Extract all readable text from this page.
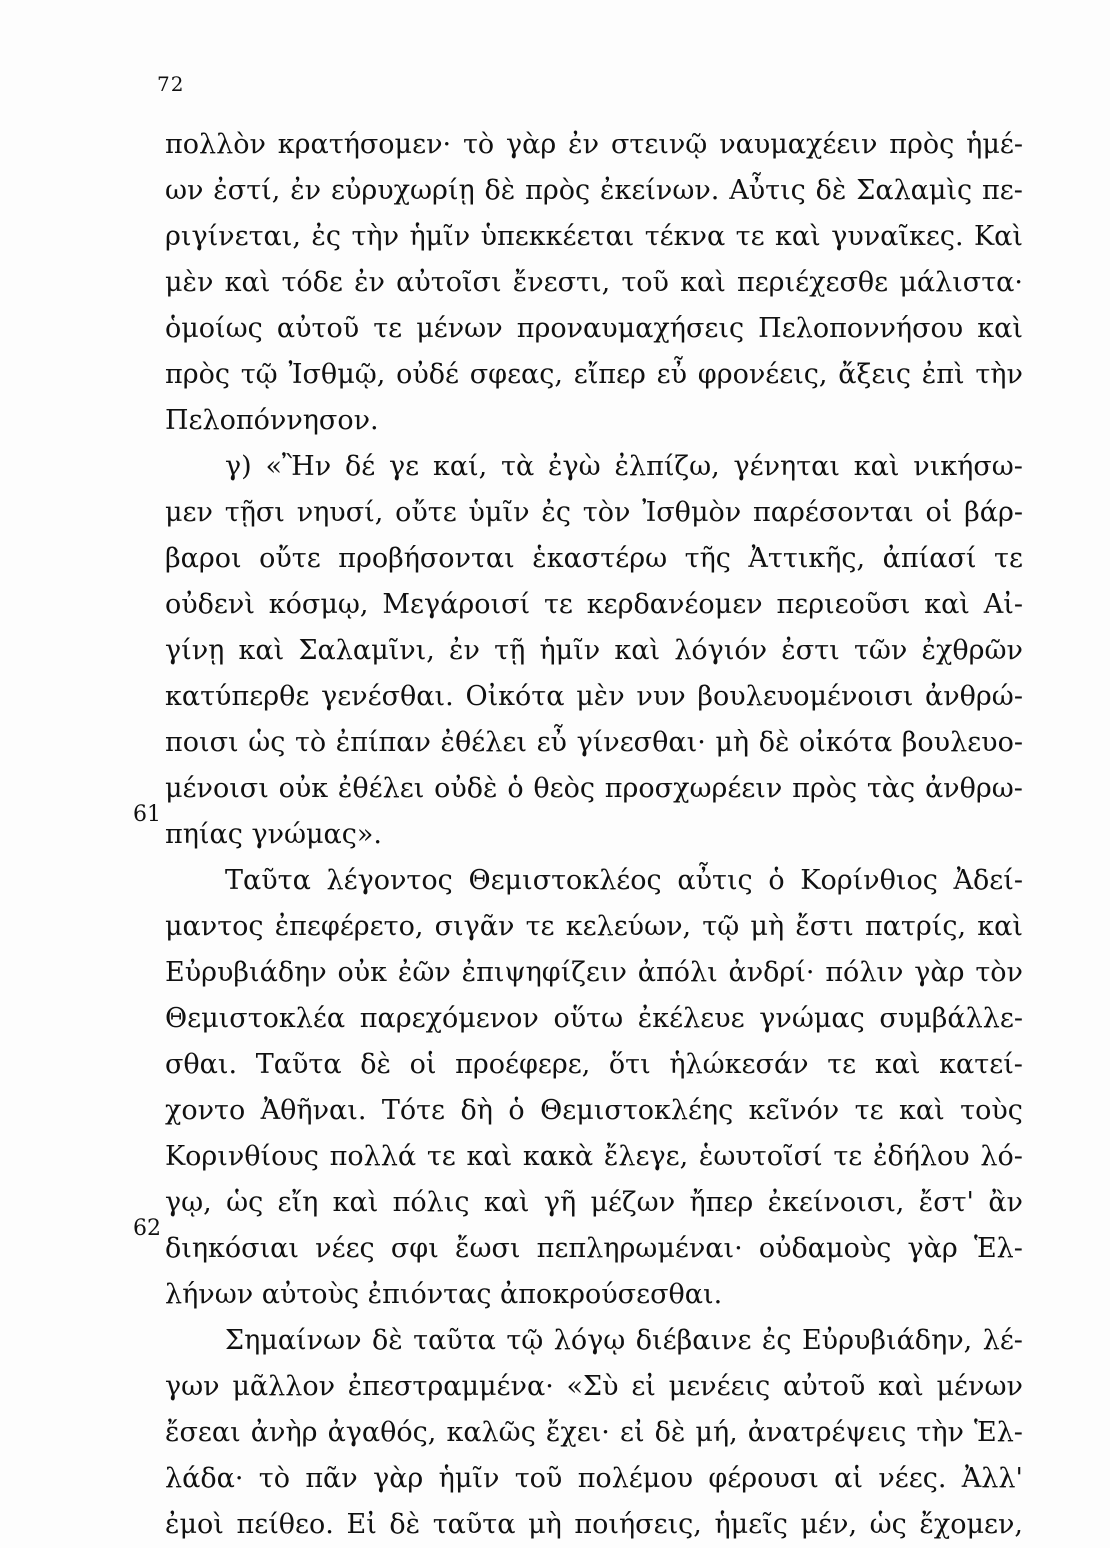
72
61
62
πολλὸν κρατήσομεν· τὸ γὰρ ἐν στεινῷ ναυμαχέειν πρὸς ἡμέ-
ων ἐστί, ἐν εὐρυχωρίῃ δὲ πρὸς ἐκείνων. Αὖτις δὲ Σαλαμὶς πε-
ριγίνεται, ἐς τὴν ἡμῖν ὑπεκκέεται τέκνα τε καὶ γυναῖκες. Καὶ
μὲν καὶ τόδε ἐν αὐτοῖσι ἔνεστι, τοῦ καὶ περιέχεσθε μάλιστα·
ὁμοίως αὐτοῦ τε μένων προναυμαχήσεις Πελοποννήσου καὶ
πρὸς τῷ Ἰσθμῷ, οὐδέ σφεας, εἴπερ εὖ φρονέεις, ἄξεις ἐπὶ τὴν
Πελοπόννησον.
γ) «Ἢν δέ γε καί, τὰ ἐγὼ ἐλπίζω, γένηται καὶ νικήσω-
μεν τῇσι νηυσί, οὔτε ὑμῖν ἐς τὸν Ἰσθμὸν παρέσονται οἱ βάρ-
βαροι οὔτε προβήσονται ἑκαστέρω τῆς Ἀττικῆς, ἀπίασί τε
οὐδενὶ κόσμῳ, Μεγάροισί τε κερδανέομεν περιεοῦσι καὶ Αἰ-
γίνῃ καὶ Σαλαμῖνι, ἐν τῇ ἡμῖν καὶ λόγιόν ἐστι τῶν ἐχθρῶν
κατύπερθε γενέσθαι. Οἰκότα μὲν νυν βουλευομένοισι ἀνθρώ-
ποισι ὡς τὸ ἐπίπαν ἐθέλει εὖ γίνεσθαι· μὴ δὲ οἰκότα βουλευο-
μένοισι οὐκ ἐθέλει οὐδὲ ὁ θεὸς προσχωρέειν πρὸς τὰς ἀνθρω-
πηίας γνώμας».
Ταῦτα λέγοντος Θεμιστοκλέος αὖτις ὁ Κορίνθιος Ἀδεί-
μαντος ἐπεφέρετο, σιγᾶν τε κελεύων, τῷ μὴ ἔστι πατρίς, καὶ
Εὐρυβιάδην οὐκ ἐῶν ἐπιψηφίζειν ἀπόλι ἀνδρί· πόλιν γὰρ τὸν
Θεμιστοκλέα παρεχόμενον οὕτω ἐκέλευε γνώμας συμβάλλε-
σθαι. Ταῦτα δὲ οἱ προέφερε, ὅτι ἡλώκεσάν τε καὶ κατεί-
χοντο Ἀθῆναι. Τότε δὴ ὁ Θεμιστοκλέης κεῖνόν τε καὶ τοὺς
Κορινθίους πολλά τε καὶ κακὰ ἔλεγε, ἑωυτοῖσί τε ἐδήλου λό-
γῳ, ὡς εἴη καὶ πόλις καὶ γῆ μέζων ἤπερ ἐκείνοισι, ἔστ' ἂν
διηκόσιαι νέες σφι ἔωσι πεπληρωμέναι· οὐδαμοὺς γὰρ Ἑλ-
λήνων αὐτοὺς ἐπιόντας ἀποκρούσεσθαι.
Σημαίνων δὲ ταῦτα τῷ λόγῳ διέβαινε ἐς Εὐρυβιάδην, λέ-
γων μᾶλλον ἐπεστραμμένα· «Σὺ εἰ μενέεις αὐτοῦ καὶ μένων
ἔσεαι ἀνὴρ ἀγαθός, καλῶς ἔχει· εἰ δὲ μή, ἀνατρέψεις τὴν Ἑλ-
λάδα· τὸ πᾶν γὰρ ἡμῖν τοῦ πολέμου φέρουσι αἱ νέες. Ἀλλ'
ἐμοὶ πείθεο. Εἰ δὲ ταῦτα μὴ ποιήσεις, ἡμεῖς μέν, ὡς ἔχομεν,
